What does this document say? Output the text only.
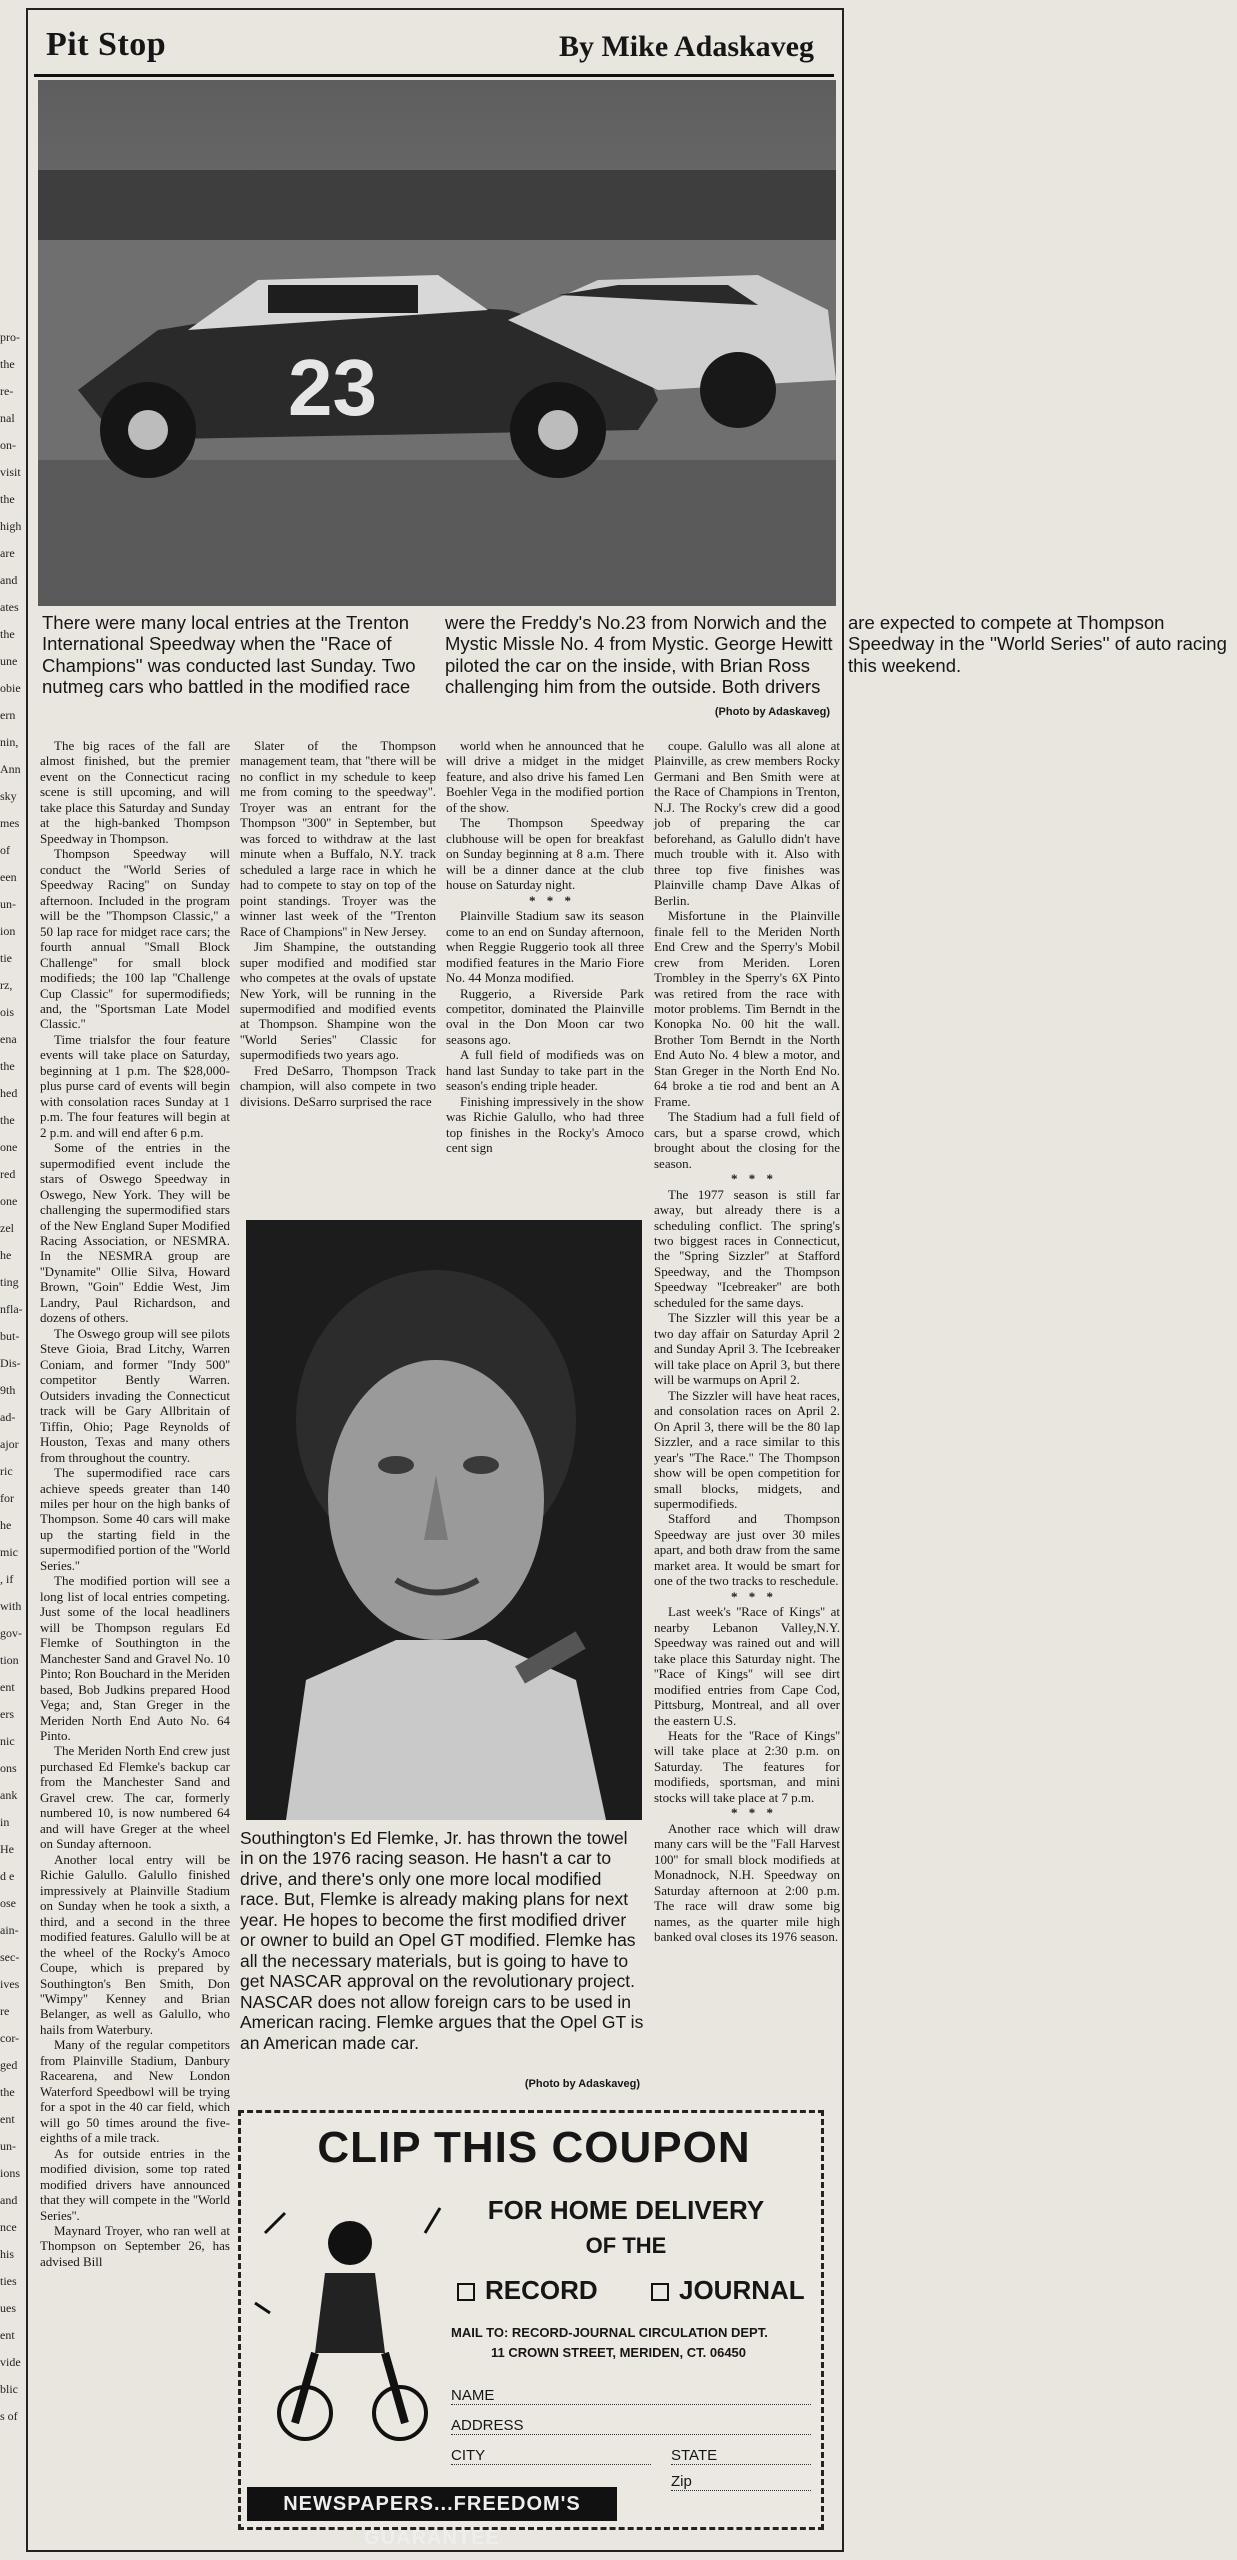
pro-
the
re-
nal
on-
visit
the
high
are
and
ates
the
une
obie
ern
nin,
Ann
sky
mes
of
een
un-
ion
tie
rz,
ois
ena
the
hed
the
one
red
one
zel
he
ting
nfla-
but-
Dis-
9th
ad-
ajor
ric
for
he
mic
, if
with
gov-
tion
ent
ers
nic
ons
ank
in
He
d e
ose
ain-
sec-
ives
re
cor-
ged
the
ent
un-
ions
and
nce
his
ties
ues
ent
vide
blic
s of
Pit Stop	By Mike Adaskaveg
23
There were many local entries at the Trenton International Speedway when the ''Race of Champions'' was conducted last Sunday. Two nutmeg cars who battled in the modified race were the Freddy's No.23 from Norwich and the Mystic Missle No. 4 from Mystic. George Hewitt piloted the car on the inside, with Brian Ross challenging him from the outside. Both drivers are expected to compete at Thompson Speedway in the ''World Series'' of auto racing this weekend.
(Photo by Adaskaveg)

The big races of the fall are almost finished, but the premier event on the Connecticut racing scene is still upcoming, and will take place this Saturday and Sunday at the high-banked Thompson Speedway in Thompson.

Thompson Speedway will conduct the ''World Series of Speedway Racing'' on Sunday afternoon. Included in the program will be the ''Thompson Classic,'' a 50 lap race for midget race cars; the fourth annual ''Small Block Challenge'' for small block modifieds; the 100 lap ''Challenge Cup Classic'' for supermodifieds; and, the ''Sportsman Late Model Classic.''

Time trialsfor the four feature events will take place on Saturday, beginning at 1 p.m. The $28,000-plus purse card of events will begin with consolation races Sunday at 1 p.m. The four features will begin at 2 p.m. and will end after 6 p.m.

Some of the entries in the supermodified event include the stars of Oswego Speedway in Oswego, New York. They will be challenging the supermodified stars of the New England Super Modified Racing Association, or NESMRA. In the NESMRA group are ''Dynamite'' Ollie Silva, Howard Brown, ''Goin'' Eddie West, Jim Landry, Paul Richardson, and dozens of others.

The Oswego group will see pilots Steve Gioia, Brad Litchy, Warren Coniam, and former ''Indy 500'' competitor Bently Warren. Outsiders invading the Connecticut track will be Gary Allbritain of Tiffin, Ohio; Page Reynolds of Houston, Texas and many others from throughout the country.

The supermodified race cars achieve speeds greater than 140 miles per hour on the high banks of Thompson. Some 40 cars will make up the starting field in the supermodified portion of the ''World Series.''

The modified portion will see a long list of local entries competing. Just some of the local headliners will be Thompson regulars Ed Flemke of Southington in the Manchester Sand and Gravel No. 10 Pinto; Ron Bouchard in the Meriden based, Bob Judkins prepared Hood Vega; and, Stan Greger in the Meriden North End Auto No. 64 Pinto.

The Meriden North End crew just purchased Ed Flemke's backup car from the Manchester Sand and Gravel crew. The car, formerly numbered 10, is now numbered 64 and will have Greger at the wheel on Sunday afternoon.

Another local entry will be Richie Galullo. Galullo finished impressively at Plainville Stadium on Sunday when he took a sixth, a third, and a second in the three modified features. Galullo will be at the wheel of the Rocky's Amoco Coupe, which is prepared by Southington's Ben Smith, Don ''Wimpy'' Kenney and Brian Belanger, as well as Galullo, who hails from Waterbury.

Many of the regular competitors from Plainville Stadium, Danbury Racearena, and New London Waterford Speedbowl will be trying for a spot in the 40 car field, which will go 50 times around the five-eighths of a mile track.

As for outside entries in the modified division, some top rated modified drivers have announced that they will compete in the ''World Series''.

Maynard Troyer, who ran well at Thompson on September 26, has advised Bill

Slater of the Thompson management team, that ''there will be no conflict in my schedule to keep me from coming to the speedway''. Troyer was an entrant for the Thompson ''300'' in September, but was forced to withdraw at the last minute when a Buffalo, N.Y. track scheduled a large race in which he had to compete to stay on top of the point standings. Troyer was the winner last week of the ''Trenton Race of Champions'' in New Jersey.

Jim Shampine, the outstanding super modified and modified star who competes at the ovals of upstate New York, will be running in the supermodified and modified events at Thompson. Shampine won the ''World Series'' Classic for supermodifieds two years ago.

Fred DeSarro, Thompson Track champion, will also compete in two divisions. DeSarro surprised the race

world when he announced that he will drive a midget in the midget feature, and also drive his famed Len Boehler Vega in the modified portion of the show.

The Thompson Speedway clubhouse will be open for breakfast on Sunday beginning at 8 a.m. There will be a dinner dance at the club house on Saturday night.

* * *

Plainville Stadium saw its season come to an end on Sunday afternoon, when Reggie Ruggerio took all three modified features in the Mario Fiore No. 44 Monza modified.

Ruggerio, a Riverside Park competitor, dominated the Plainville oval in the Don Moon car two seasons ago.

A full field of modifieds was on hand last Sunday to take part in the season's ending triple header.

Finishing impressively in the show was Richie Galullo, who had three top finishes in the Rocky's Amoco cent sign

coupe. Galullo was all alone at Plainville, as crew members Rocky Germani and Ben Smith were at the Race of Champions in Trenton, N.J. The Rocky's crew did a good job of preparing the car beforehand, as Galullo didn't have much trouble with it. Also with three top five finishes was Plainville champ Dave Alkas of Berlin.

Misfortune in the Plainville finale fell to the Meriden North End Crew and the Sperry's Mobil crew from Meriden. Loren Trombley in the Sperry's 6X Pinto was retired from the race with motor problems. Tim Berndt in the Konopka No. 00 hit the wall. Brother Tom Berndt in the North End Auto No. 4 blew a motor, and Stan Greger in the North End No. 64 broke a tie rod and bent an A Frame.

The Stadium had a full field of cars, but a sparse crowd, which brought about the closing for the season.

* * *

The 1977 season is still far away, but already there is a scheduling conflict. The spring's two biggest races in Connecticut, the ''Spring Sizzler'' at Stafford Speedway, and the Thompson Speedway ''Icebreaker'' are both scheduled for the same days.

The Sizzler will this year be a two day affair on Saturday April 2 and Sunday April 3. The Icebreaker will take place on April 3, but there will be warmups on April 2.

The Sizzler will have heat races, and consolation races on April 2. On April 3, there will be the 80 lap Sizzler, and a race similar to this year's ''The Race.'' The Thompson show will be open competition for small blocks, midgets, and supermodifieds.

Stafford and Thompson Speedway are just over 30 miles apart, and both draw from the same market area. It would be smart for one of the two tracks to reschedule.

* * *

Last week's ''Race of Kings'' at nearby Lebanon Valley,N.Y. Speedway was rained out and will take place this Saturday night. The ''Race of Kings'' will see dirt modified entries from Cape Cod, Pittsburg, Montreal, and all over the eastern U.S.

Heats for the ''Race of Kings'' will take place at 2:30 p.m. on Saturday. The features for modifieds, sportsman, and mini stocks will take place at 7 p.m.

* * *

Another race which will draw many cars will be the ''Fall Harvest 100'' for small block modifieds at Monadnock, N.H. Speedway on Saturday afternoon at 2:00 p.m. The race will draw some big names, as the quarter mile high banked oval closes its 1976 season.

Southington's Ed Flemke, Jr. has thrown the towel in on the 1976 racing season. He hasn't a car to drive, and there's only one more local modified race. But, Flemke is already making plans for next year. He hopes to become the first modified driver or owner to build an Opel GT modified. Flemke has all the necessary materials, but is going to have to get NASCAR approval on the revolutionary project. NASCAR does not allow foreign cars to be used in American racing. Flemke argues that the Opel GT is an American made car.
(Photo by Adaskaveg)
CLIP THIS COUPON
FOR HOME DELIVERY
OF THE
RECORD	JOURNAL
MAIL TO: RECORD-JOURNAL CIRCULATION DEPT.
11 CROWN STREET, MERIDEN, CT. 06450
NAME
ADDRESS
CITY	STATE
Zip
NEWSPAPERS...FREEDOM'S GUARANTEE
